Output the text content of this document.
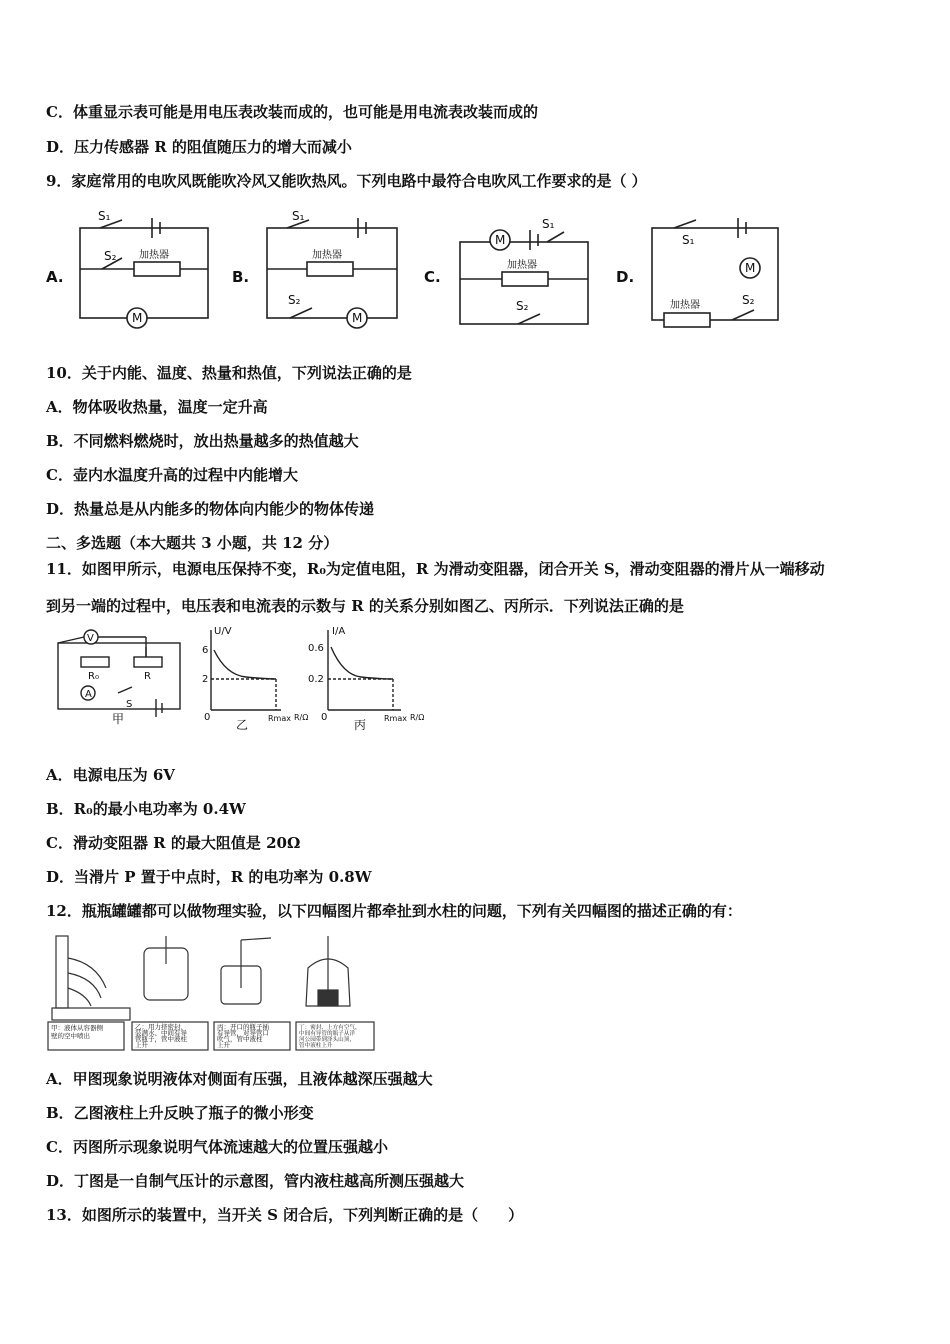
C．体重显示表可能是用电压表改装而成的，也可能是用电流表改装而成的
D．压力传感器 R 的阻值随压力的增大而减小
9．家庭常用的电吹风既能吹冷风又能吹热风。下列电路中最符合电吹风工作要求的是（ ）
S₁
S₂ 加热器
M
S₁
加热器
S₂
M
M
S₁
加热器
S₂
S₁
M
加热器	S₂
A.	B.	C.	D.
10．关于内能、温度、热量和热值，下列说法正确的是
A．物体吸收热量，温度一定升高
B．不同燃料燃烧时，放出热量越多的热值越大
C．壶内水温度升高的过程中内能增大
D．热量总是从内能多的物体向内能少的物体传递
二、多选题（本大题共 3 小题，共 12 分）
11．如图甲所示，电源电压保持不变，R₀为定值电阻，R 为滑动变阻器，闭合开关 S，滑动变阻器的滑片从一端移动
到另一端的过程中，电压表和电流表的示数与 R 的关系分别如图乙、丙所示．下列说法正确的是
V
A
R₀	R
S
甲
U/V
6
2
0	Rmax R/Ω
乙
I/A
0.6
0.2
0	Rmax R/Ω
丙
A．电源电压为 6V
B．R₀的最小电功率为 0.4W
C．滑动变阻器 R 的最大阻值是 20Ω
D．当滑片 P 置于中点时，R 的电功率为 0.8W
12．瓶瓶罐罐都可以做物理实验，以下四幅图片都牵扯到水柱的问题，下列有关四幅图的描述正确的有：
甲：液体从容器侧
壁的空中喷出
乙：用力挤密封、
装满水、中间有导
管瓶子，管中液柱
上升
丙：开口的瓶子插
有导管，对导管口
吹气，管中液柱
上升
丁：密封、上方有空气，
中间有导管的瓶子从洋
河公园带到泽头山顶，
管中液柱上升
A．甲图现象说明液体对侧面有压强，且液体越深压强越大
B．乙图液柱上升反映了瓶子的微小形变
C．丙图所示现象说明气体流速越大的位置压强越小
D．丁图是一自制气压计的示意图，管内液柱越高所测压强越大
13．如图所示的装置中，当开关 S 闭合后，下列判断正确的是（　　）
